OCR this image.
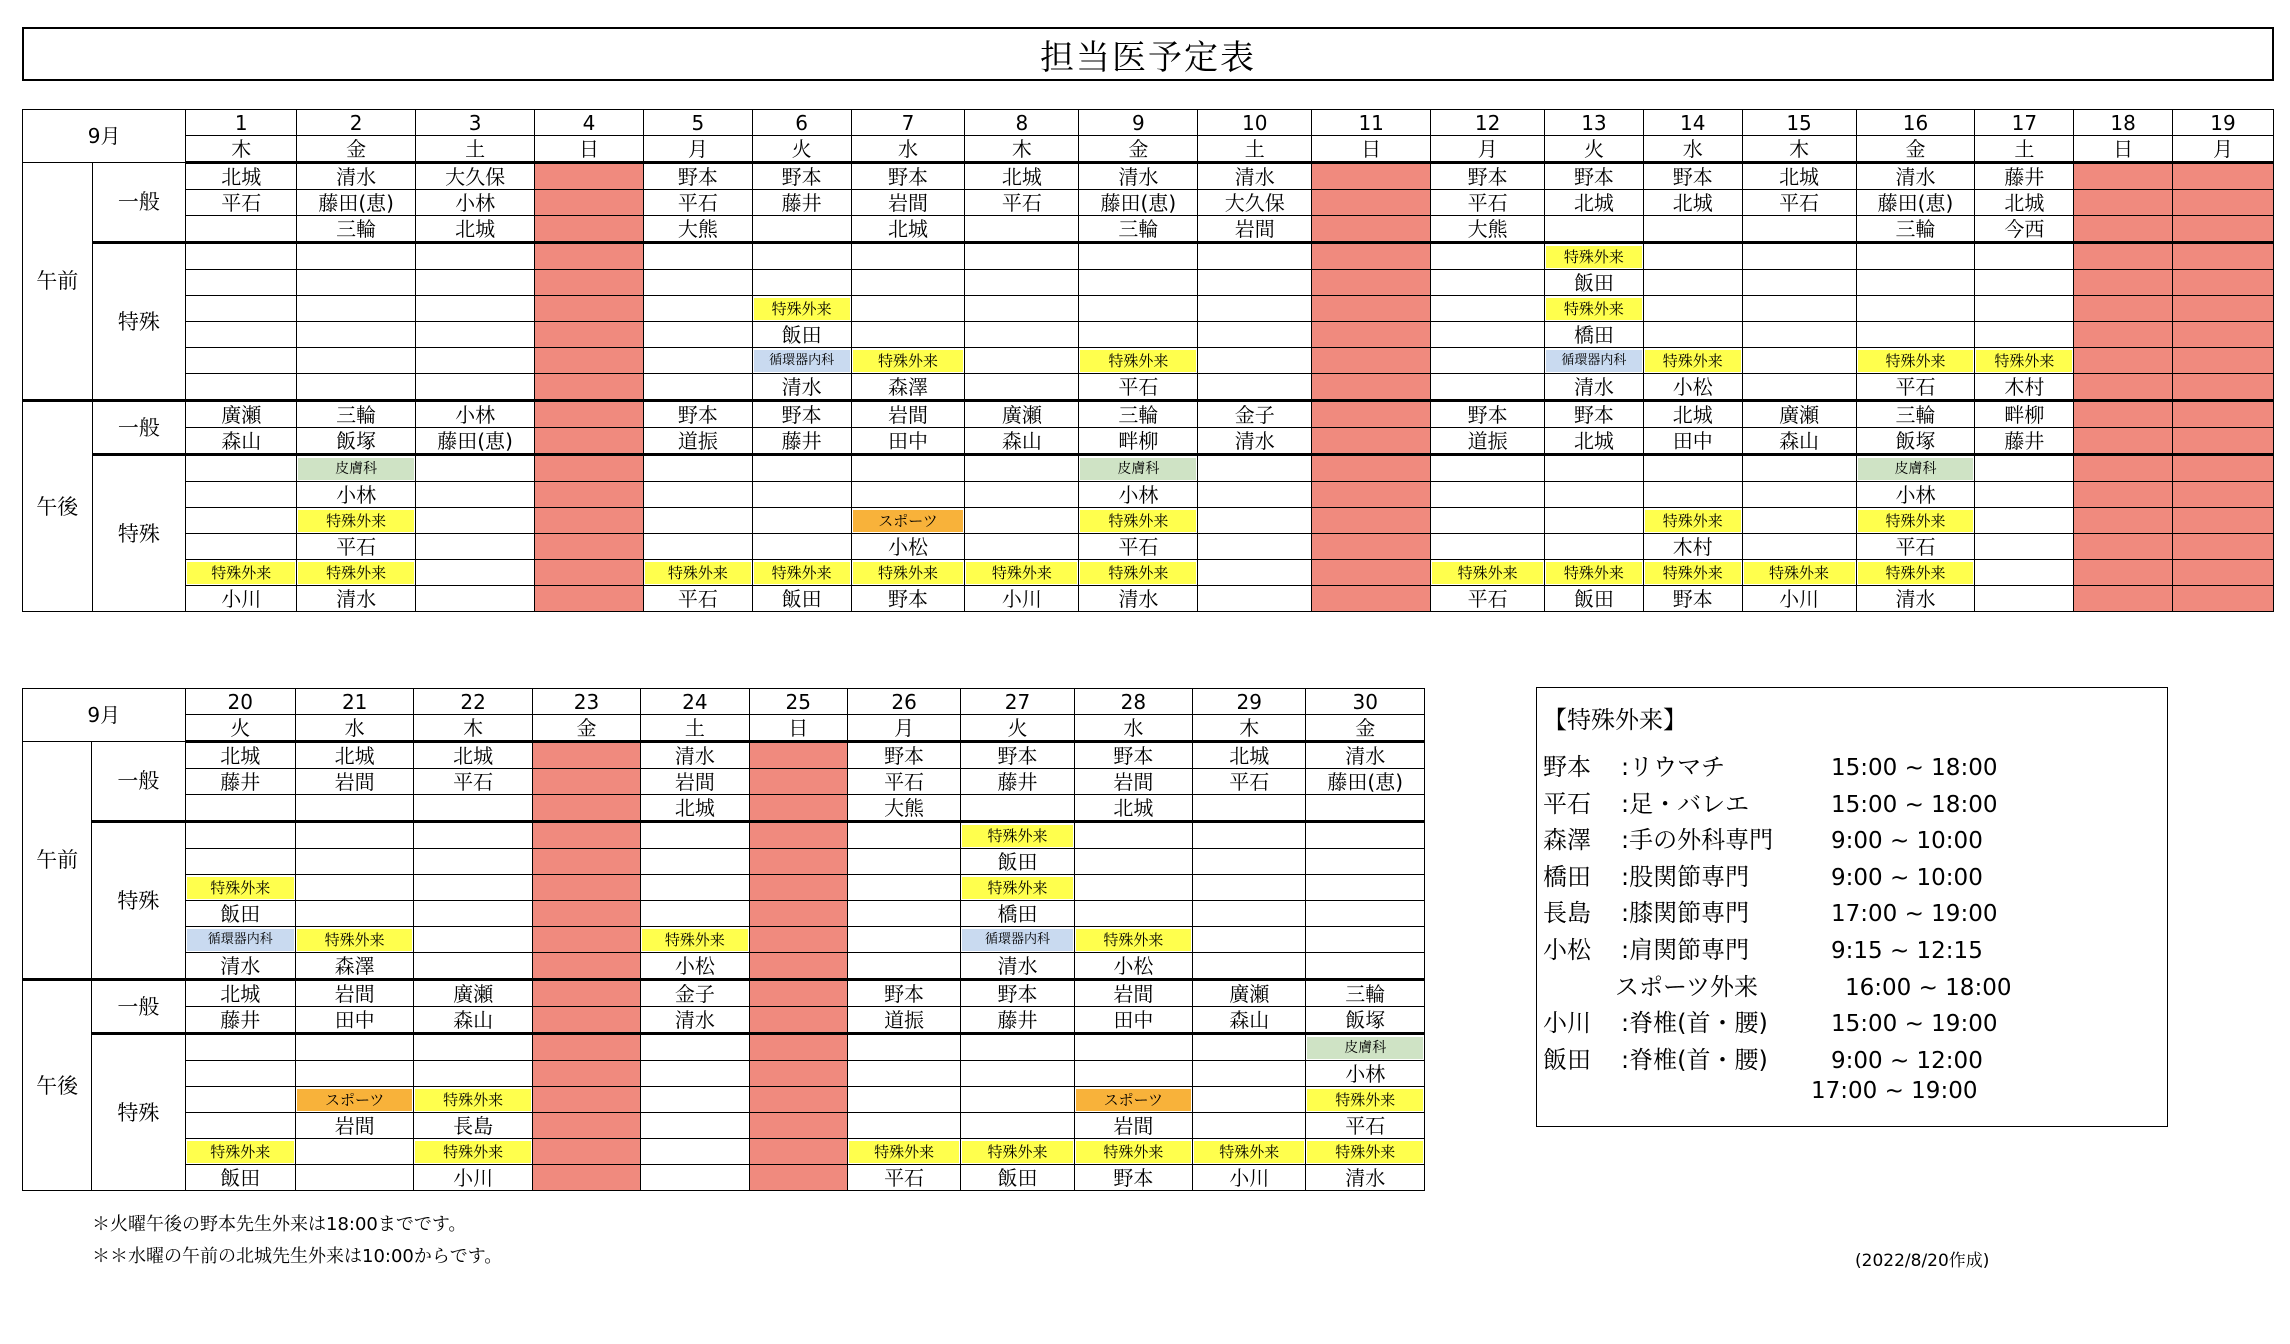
担当医予定表
9月		1	2	3	4	5	6	7	8	9	10	11	12	13	14	15	16	17	18	19
		木	金	土	日	月	火	水	木	金	土	日	月	火	水	木	金	土	日	月
午前	一般	北城	清水	大久保		野本	野本	野本	北城	清水	清水		野本	野本	野本	北城	清水	藤井		
		平石	藤田(恵)	小林		平石	藤井	岩間	平石	藤田(恵)	大久保		平石	北城	北城	平石	藤田(恵)	北城		
			三輪	北城		大熊		北城		三輪	岩間		大熊				三輪	今西		
	特殊													特殊外来						

														飯田						

							特殊外来							特殊外来						

							飯田							橋田						

							循環器内科	特殊外来		特殊外来				循環器内科	特殊外来		特殊外来	特殊外来		

							清水	森澤		平石				清水	小松		平石	木村		
午後	一般	廣瀬	三輪	小林		野本	野本	岩間	廣瀬	三輪	金子		野本	野本	北城	廣瀬	三輪	畔柳		
		森山	飯塚	藤田(恵)		道振	藤井	田中	森山	畔柳	清水		道振	北城	田中	森山	飯塚	藤井		
	特殊		皮膚科							皮膚科							皮膚科			

			小林							小林							小林			

			特殊外来					スポーツ		特殊外来					特殊外来		特殊外来			

			平石					小松		平石					木村		平石			

		特殊外来	特殊外来			特殊外来	特殊外来	特殊外来	特殊外来	特殊外来			特殊外来	特殊外来	特殊外来	特殊外来	特殊外来			

		小川	清水			平石	飯田	野本	小川	清水			平石	飯田	野本	小川	清水			
9月		20	21	22	23	24	25	26	27	28	29	30
		火	水	木	金	土	日	月	火	水	木	金
午前	一般	北城	北城	北城		清水		野本	野本	野本	北城	清水
		藤井	岩間	平石		岩間		平石	藤井	岩間	平石	藤田(恵)
						北城		大熊		北城		
	特殊								特殊外来			

									飯田			

		特殊外来							特殊外来			

		飯田							橋田			

		循環器内科	特殊外来			特殊外来			循環器内科	特殊外来		

		清水	森澤			小松			清水	小松		
午後	一般	北城	岩間	廣瀬		金子		野本	野本	岩間	廣瀬	三輪
		藤井	田中	森山		清水		道振	藤井	田中	森山	飯塚
	特殊											皮膚科

												小林

			スポーツ	特殊外来						スポーツ		特殊外来

			岩間	長島						岩間		平石

		特殊外来		特殊外来				特殊外来	特殊外来	特殊外来	特殊外来	特殊外来

		飯田		小川				平石	飯田	野本	小川	清水
【特殊外来】
野本 :リウマチ	15:00 ~ 18:00
平石 :足・バレエ	15:00 ~ 18:00
森澤 :手の外科専門	9:00 ~ 10:00
橋田 :股関節専門	9:00 ~ 10:00
長島 :膝関節専門	17:00 ~ 19:00
小松 :肩関節専門	9:15 ~ 12:15
スポーツ外来	16:00 ~ 18:00
小川 :脊椎(首・腰)	15:00 ~ 19:00
飯田 :脊椎(首・腰)	9:00 ~ 12:00
17:00 ~ 19:00
＊火曜午後の野本先生外来は18:00までです。
＊＊水曜の午前の北城先生外来は10:00からです。	(2022/8/20作成)
